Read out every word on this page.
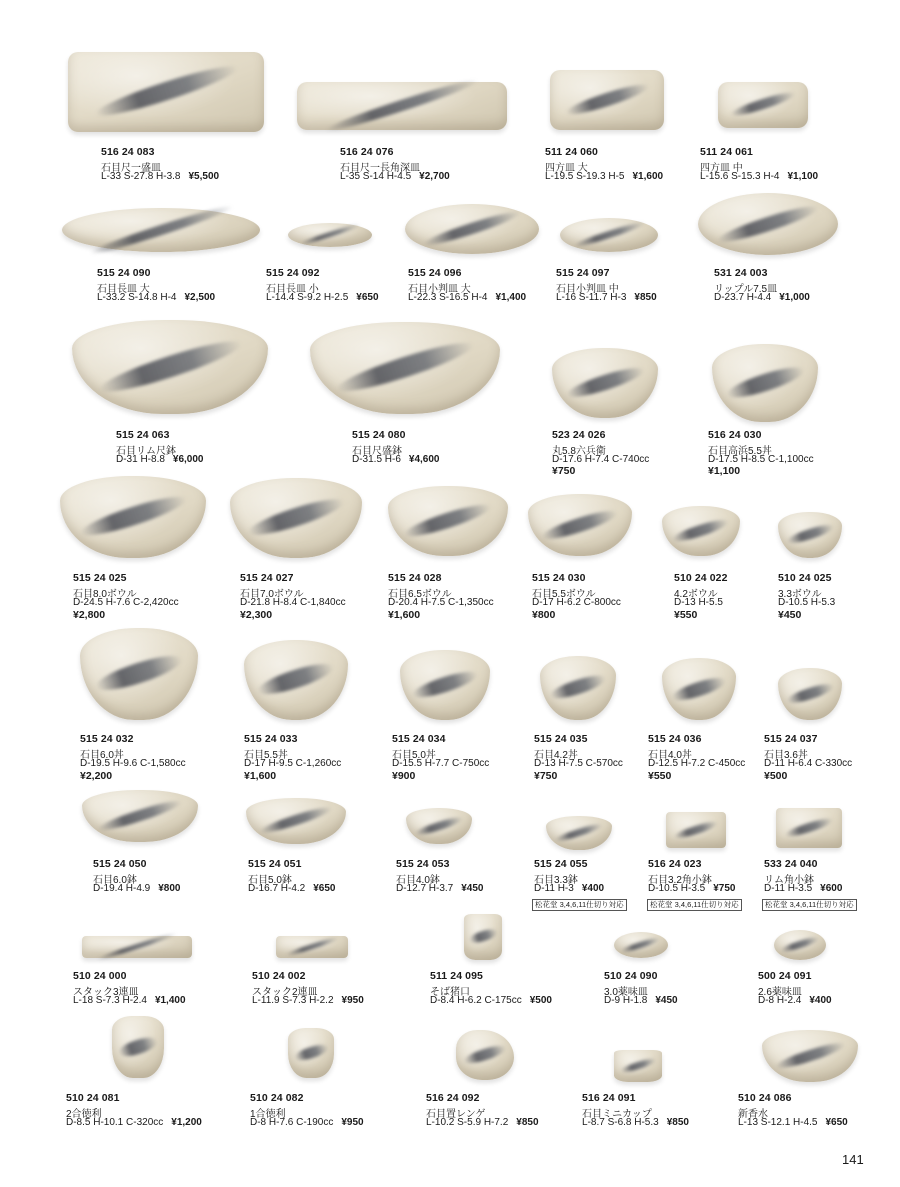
516 24 083
石目尺一盛皿
L-33 S-27.8 H-3.8 ¥5,500
516 24 076
石目尺一長角深皿
L-35 S-14 H-4.5 ¥2,700
511 24 060
四方皿 大
L-19.5 S-19.3 H-5 ¥1,600
511 24 061
四方皿 中
L-15.6 S-15.3 H-4 ¥1,100
515 24 090
石目長皿 大
L-33.2 S-14.8 H-4 ¥2,500
515 24 092
石目長皿 小
L-14.4 S-9.2 H-2.5 ¥650
515 24 096
石目小判皿 大
L-22.3 S-16.5 H-4 ¥1,400
515 24 097
石目小判皿 中
L-16 S-11.7 H-3 ¥850
531 24 003
リップル7.5皿
D-23.7 H-4.4 ¥1,000
515 24 063
石目リム尺鉢
D-31 H-8.8 ¥6,000
515 24 080
石目尺盛鉢
D-31.5 H-6 ¥4,600
523 24 026
丸5.8六兵衛
D-17.6 H-7.4 C-740cc
¥750
516 24 030
石目高浜5.5丼
D-17.5 H-8.5 C-1,100cc
¥1,100
515 24 025
石目8.0ボウル
D-24.5 H-7.6 C-2,420cc
¥2,800
515 24 027
石目7.0ボウル
D-21.8 H-8.4 C-1,840cc
¥2,300
515 24 028
石目6.5ボウル
D-20.4 H-7.5 C-1,350cc
¥1,600
515 24 030
石目5.5ボウル
D-17 H-6.2 C-800cc
¥800
510 24 022
4.2ボウル
D-13 H-5.5
¥550
510 24 025
3.3ボウル
D-10.5 H-5.3
¥450
515 24 032
石目6.0丼
D-19.5 H-9.6 C-1,580cc
¥2,200
515 24 033
石目5.5丼
D-17 H-9.5 C-1,260cc
¥1,600
515 24 034
石目5.0丼
D-15.5 H-7.7 C-750cc
¥900
515 24 035
石目4.2丼
D-13 H-7.5 C-570cc
¥750
515 24 036
石目4.0丼
D-12.5 H-7.2 C-450cc
¥550
515 24 037
石目3.6丼
D-11 H-6.4 C-330cc
¥500
515 24 050
石目6.0鉢
D-19.4 H-4.9 ¥800
515 24 051
石目5.0鉢
D-16.7 H-4.2 ¥650
515 24 053
石目4.0鉢
D-12.7 H-3.7 ¥450
515 24 055
石目3.3鉢
D-11 H-3 ¥400
松花堂 3,4,6,11仕切り対応
516 24 023
石目3.2角小鉢
D-10.5 H-3.5 ¥750
松花堂 3,4,6,11仕切り対応
533 24 040
リム角小鉢
D-11 H-3.5 ¥600
松花堂 3,4,6,11仕切り対応
510 24 000
スタック3連皿
L-18 S-7.3 H-2.4 ¥1,400
510 24 002
スタック2連皿
L-11.9 S-7.3 H-2.2 ¥950
511 24 095
そば猪口
D-8.4 H-6.2 C-175cc ¥500
510 24 090
3.0薬味皿
D-9 H-1.8 ¥450
500 24 091
2.6薬味皿
D-8 H-2.4 ¥400
510 24 081
2合徳利
D-8.5 H-10.1 C-320cc ¥1,200
510 24 082
1合徳利
D-8 H-7.6 C-190cc ¥950
516 24 092
石目置レンゲ
L-10.2 S-5.9 H-7.2 ¥850
516 24 091
石目ミニカップ
L-8.7 S-6.8 H-5.3 ¥850
510 24 086
新香水
L-13 S-12.1 H-4.5 ¥650
141
